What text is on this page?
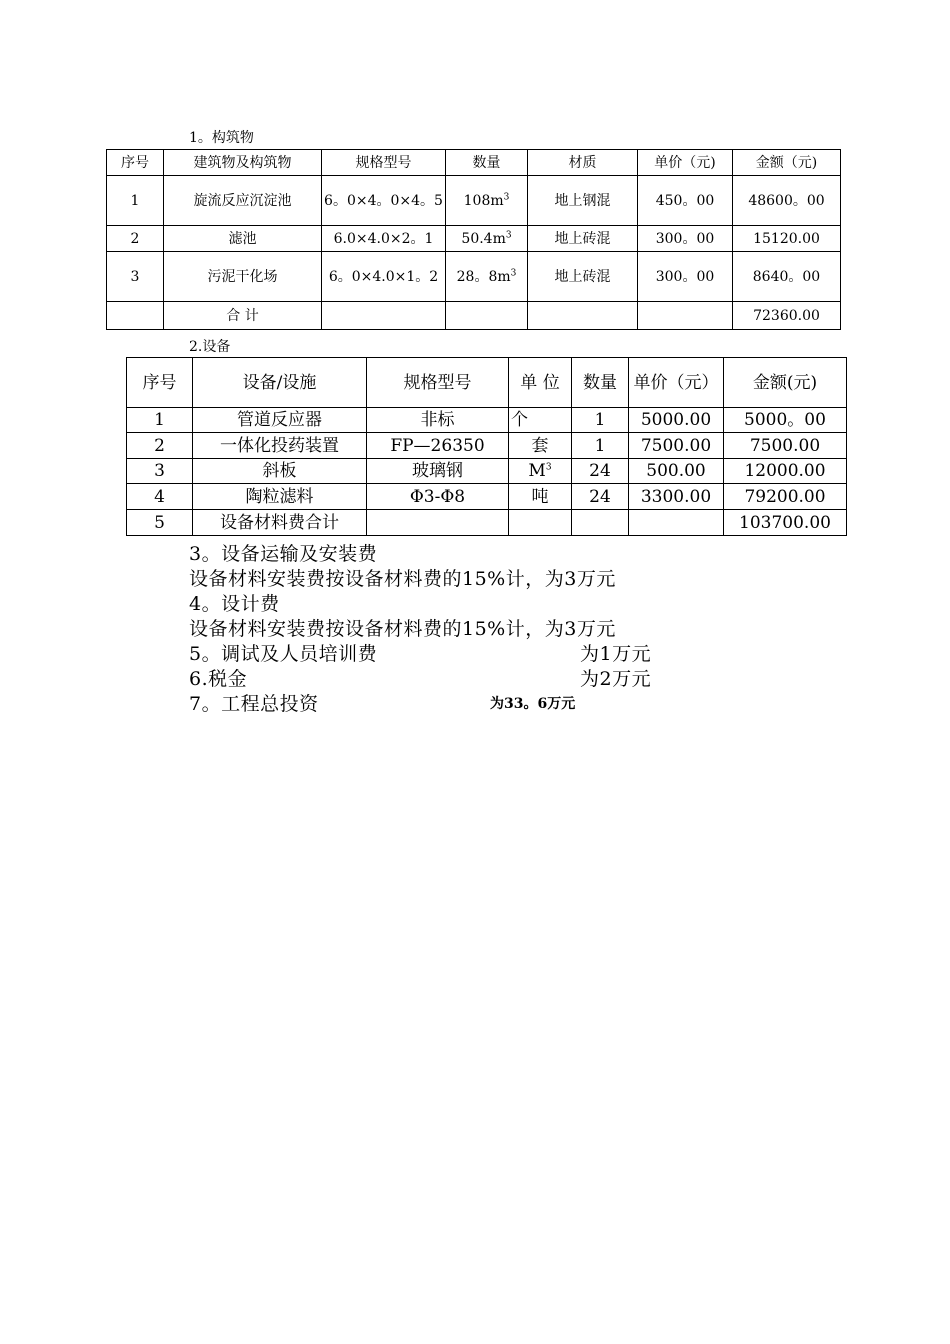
1。构筑物
序号	建筑物及构筑物	规格型号	数量	材质	单价（元)	金额（元)
1	旋流反应沉淀池	6。0×4。0×4。5	$108m^3$	地上钢混	450。00	48600。00
2	滤池	6.0×4.0×2。1	$50.4m^3$	地上砖混	300。00	15120.00
3	污泥干化场	6。0×4.0×1。2	28。$8m^3$	地上砖混	300。00	8640。00
	合 计					72360.00
2.设备
序号	设备/设施	规格型号	单 位	数量	单价（元）	金额(元)
1	管道反应器	非标	个	1	5000.00	5000。00
2	一体化投药装置	FP—26350	套	1	7500.00	7500.00
3	斜板	玻璃钢	$M^3$	24	500.00	12000.00
4	陶粒滤料	Φ3-Φ8	吨	24	3300.00	79200.00
5	设备材料费合计					103700.00
3。设备运输及安装费
设备材料安装费按设备材料费的15%计，为3万元
4。设计费
设备材料安装费按设备材料费的15%计，为3万元
5。调试及人员培训费	为1万元
6.税金	为2万元
7。工程总投资	为33。6万元
